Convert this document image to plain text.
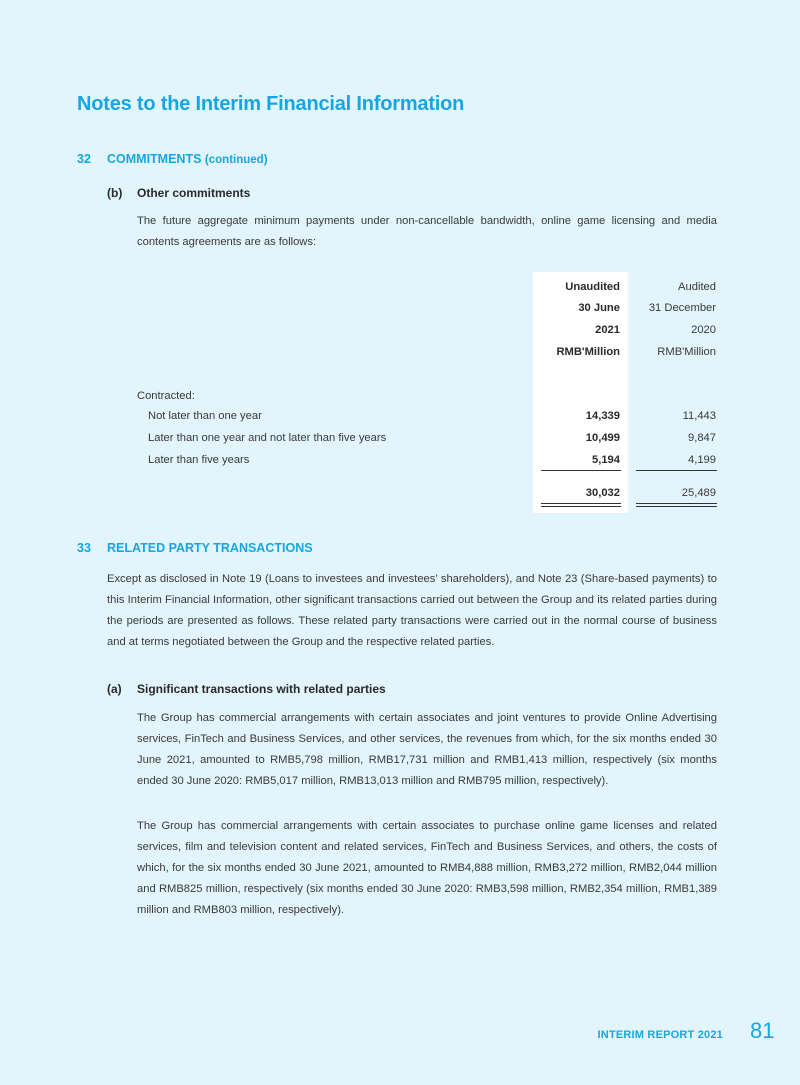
Notes to the Interim Financial Information
32 COMMITMENTS (continued)
(b) Other commitments
The future aggregate minimum payments under non-cancellable bandwidth, online game licensing and media contents agreements are as follows:
Unaudited	Audited
30 June	31 December
2021	2020
RMB'Million	RMB'Million
Contracted:
Not later than one year	14,339	11,443
Later than one year and not later than five years	10,499	9,847
Later than five years	5,194	4,199
30,032	25,489
33 RELATED PARTY TRANSACTIONS
Except as disclosed in Note 19 (Loans to investees and investees’ shareholders), and Note 23 (Share-based payments) to this Interim Financial Information, other significant transactions carried out between the Group and its related parties during the periods are presented as follows. These related party transactions were carried out in the normal course of business and at terms negotiated between the Group and the respective related parties.
(a) Significant transactions with related parties
The Group has commercial arrangements with certain associates and joint ventures to provide Online Advertising services, FinTech and Business Services, and other services, the revenues from which, for the six months ended 30 June 2021, amounted to RMB5,798 million, RMB17,731 million and RMB1,413 million, respectively (six months ended 30 June 2020: RMB5,017 million, RMB13,013 million and RMB795 million, respectively).
The Group has commercial arrangements with certain associates to purchase online game licenses and related services, film and television content and related services, FinTech and Business Services, and others, the costs of which, for the six months ended 30 June 2021, amounted to RMB4,888 million, RMB3,272 million, RMB2,044 million and RMB825 million, respectively (six months ended 30 June 2020: RMB3,598 million, RMB2,354 million, RMB1,389 million and RMB803 million, respectively).
INTERIM REPORT 2021 81
